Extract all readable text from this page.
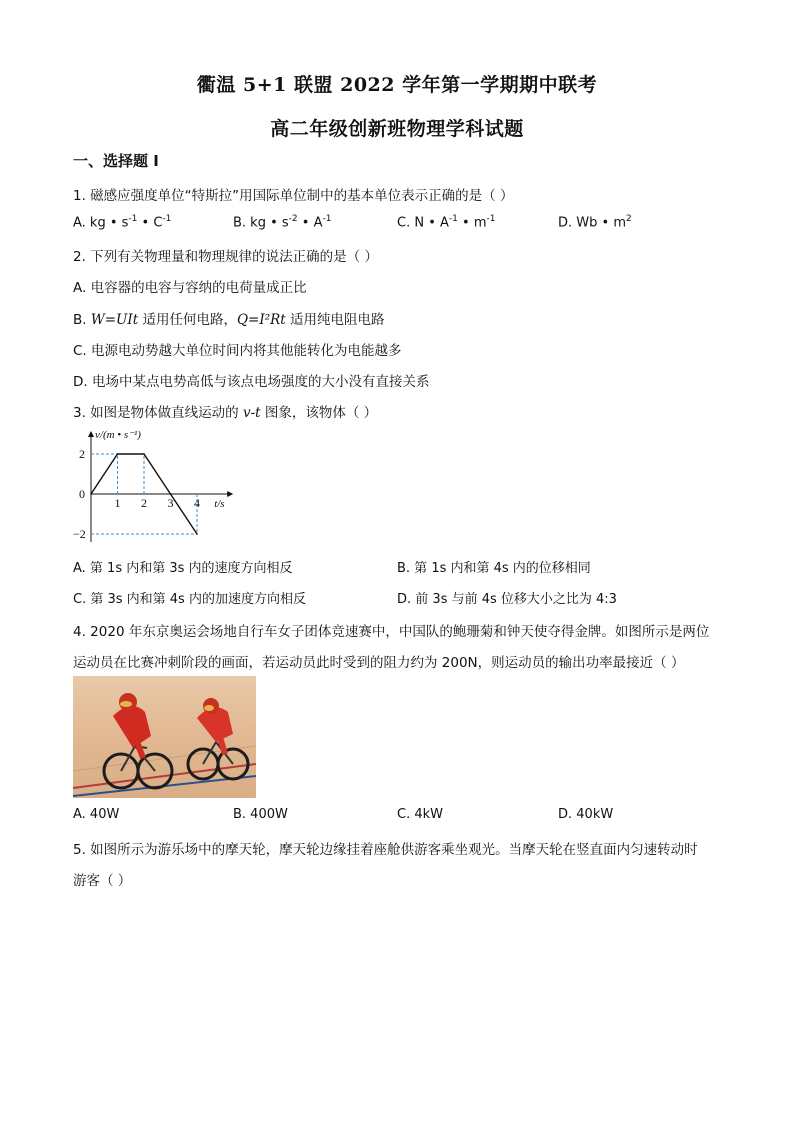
衢温 5+1 联盟 2022 学年第一学期期中联考
高二年级创新班物理学科试题
一、选择题 I
1. 磁感应强度单位“特斯拉”用国际单位制中的基本单位表示正确的是（ ）
A. kg • $s^{-1}$ • $C^{-1}$	B. kg • $s^{-2}$ • $A^{-1}$	C. N • $A^{-1}$ • $m^{-1}$	D. Wb • $m^2$
2. 下列有关物理量和物理规律的说法正确的是（ ）
A. 电容器的电容与容纳的电荷量成正比
B. W=UIt 适用任何电路，Q=I²Rt 适用纯电阻电路
C. 电源电动势越大单位时间内将其他能转化为电能越多
D. 电场中某点电势高低与该点电场强度的大小没有直接关系
3. 如图是物体做直线运动的 v-t 图象，该物体（ ）
1 2 3 4
0
2
−2
v/(m • s⁻¹)
t/s
A. 第 1s 内和第 3s 内的速度方向相反	B. 第 1s 内和第 4s 内的位移相同
C. 第 3s 内和第 4s 内的加速度方向相反	D. 前 3s 与前 4s 位移大小之比为 4:3
4. 2020 年东京奥运会场地自行车女子团体竞速赛中，中国队的鲍珊菊和钟天使夺得金牌。如图所示是两位
运动员在比赛冲刺阶段的画面，若运动员此时受到的阻力约为 200N，则运动员的输出功率最接近（ ）
A. 40W	B. 400W	C. 4kW	D. 40kW
5. 如图所示为游乐场中的摩天轮，摩天轮边缘挂着座舱供游客乘坐观光。当摩天轮在竖直面内匀速转动时
游客（ ）
